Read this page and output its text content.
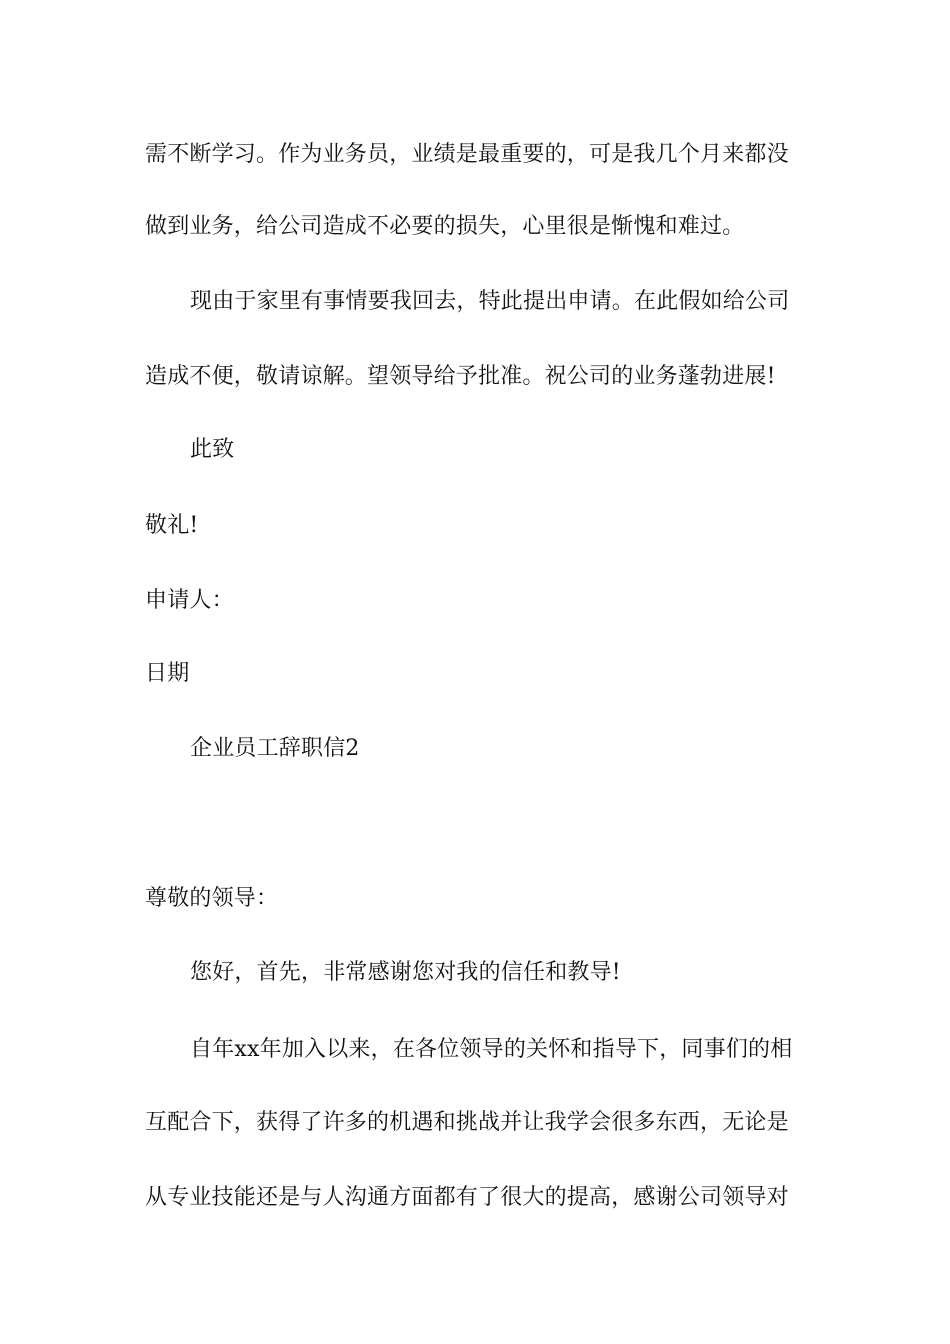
需不断学习。作为业务员，业绩是最重要的，可是我几个月来都没
做到业务，给公司造成不必要的损失，心里很是惭愧和难过。
现由于家里有事情要我回去，特此提出申请。在此假如给公司
造成不便，敬请谅解。望领导给予批准。祝公司的业务蓬勃进展!
此致
敬礼!
申请人：
日期
企业员工辞职信2
尊敬的领导：
您好，首先，非常感谢您对我的信任和教导!
自年xx年加入以来，在各位领导的关怀和指导下，同事们的相
互配合下，获得了许多的机遇和挑战并让我学会很多东西，无论是
从专业技能还是与人沟通方面都有了很大的提高，感谢公司领导对
